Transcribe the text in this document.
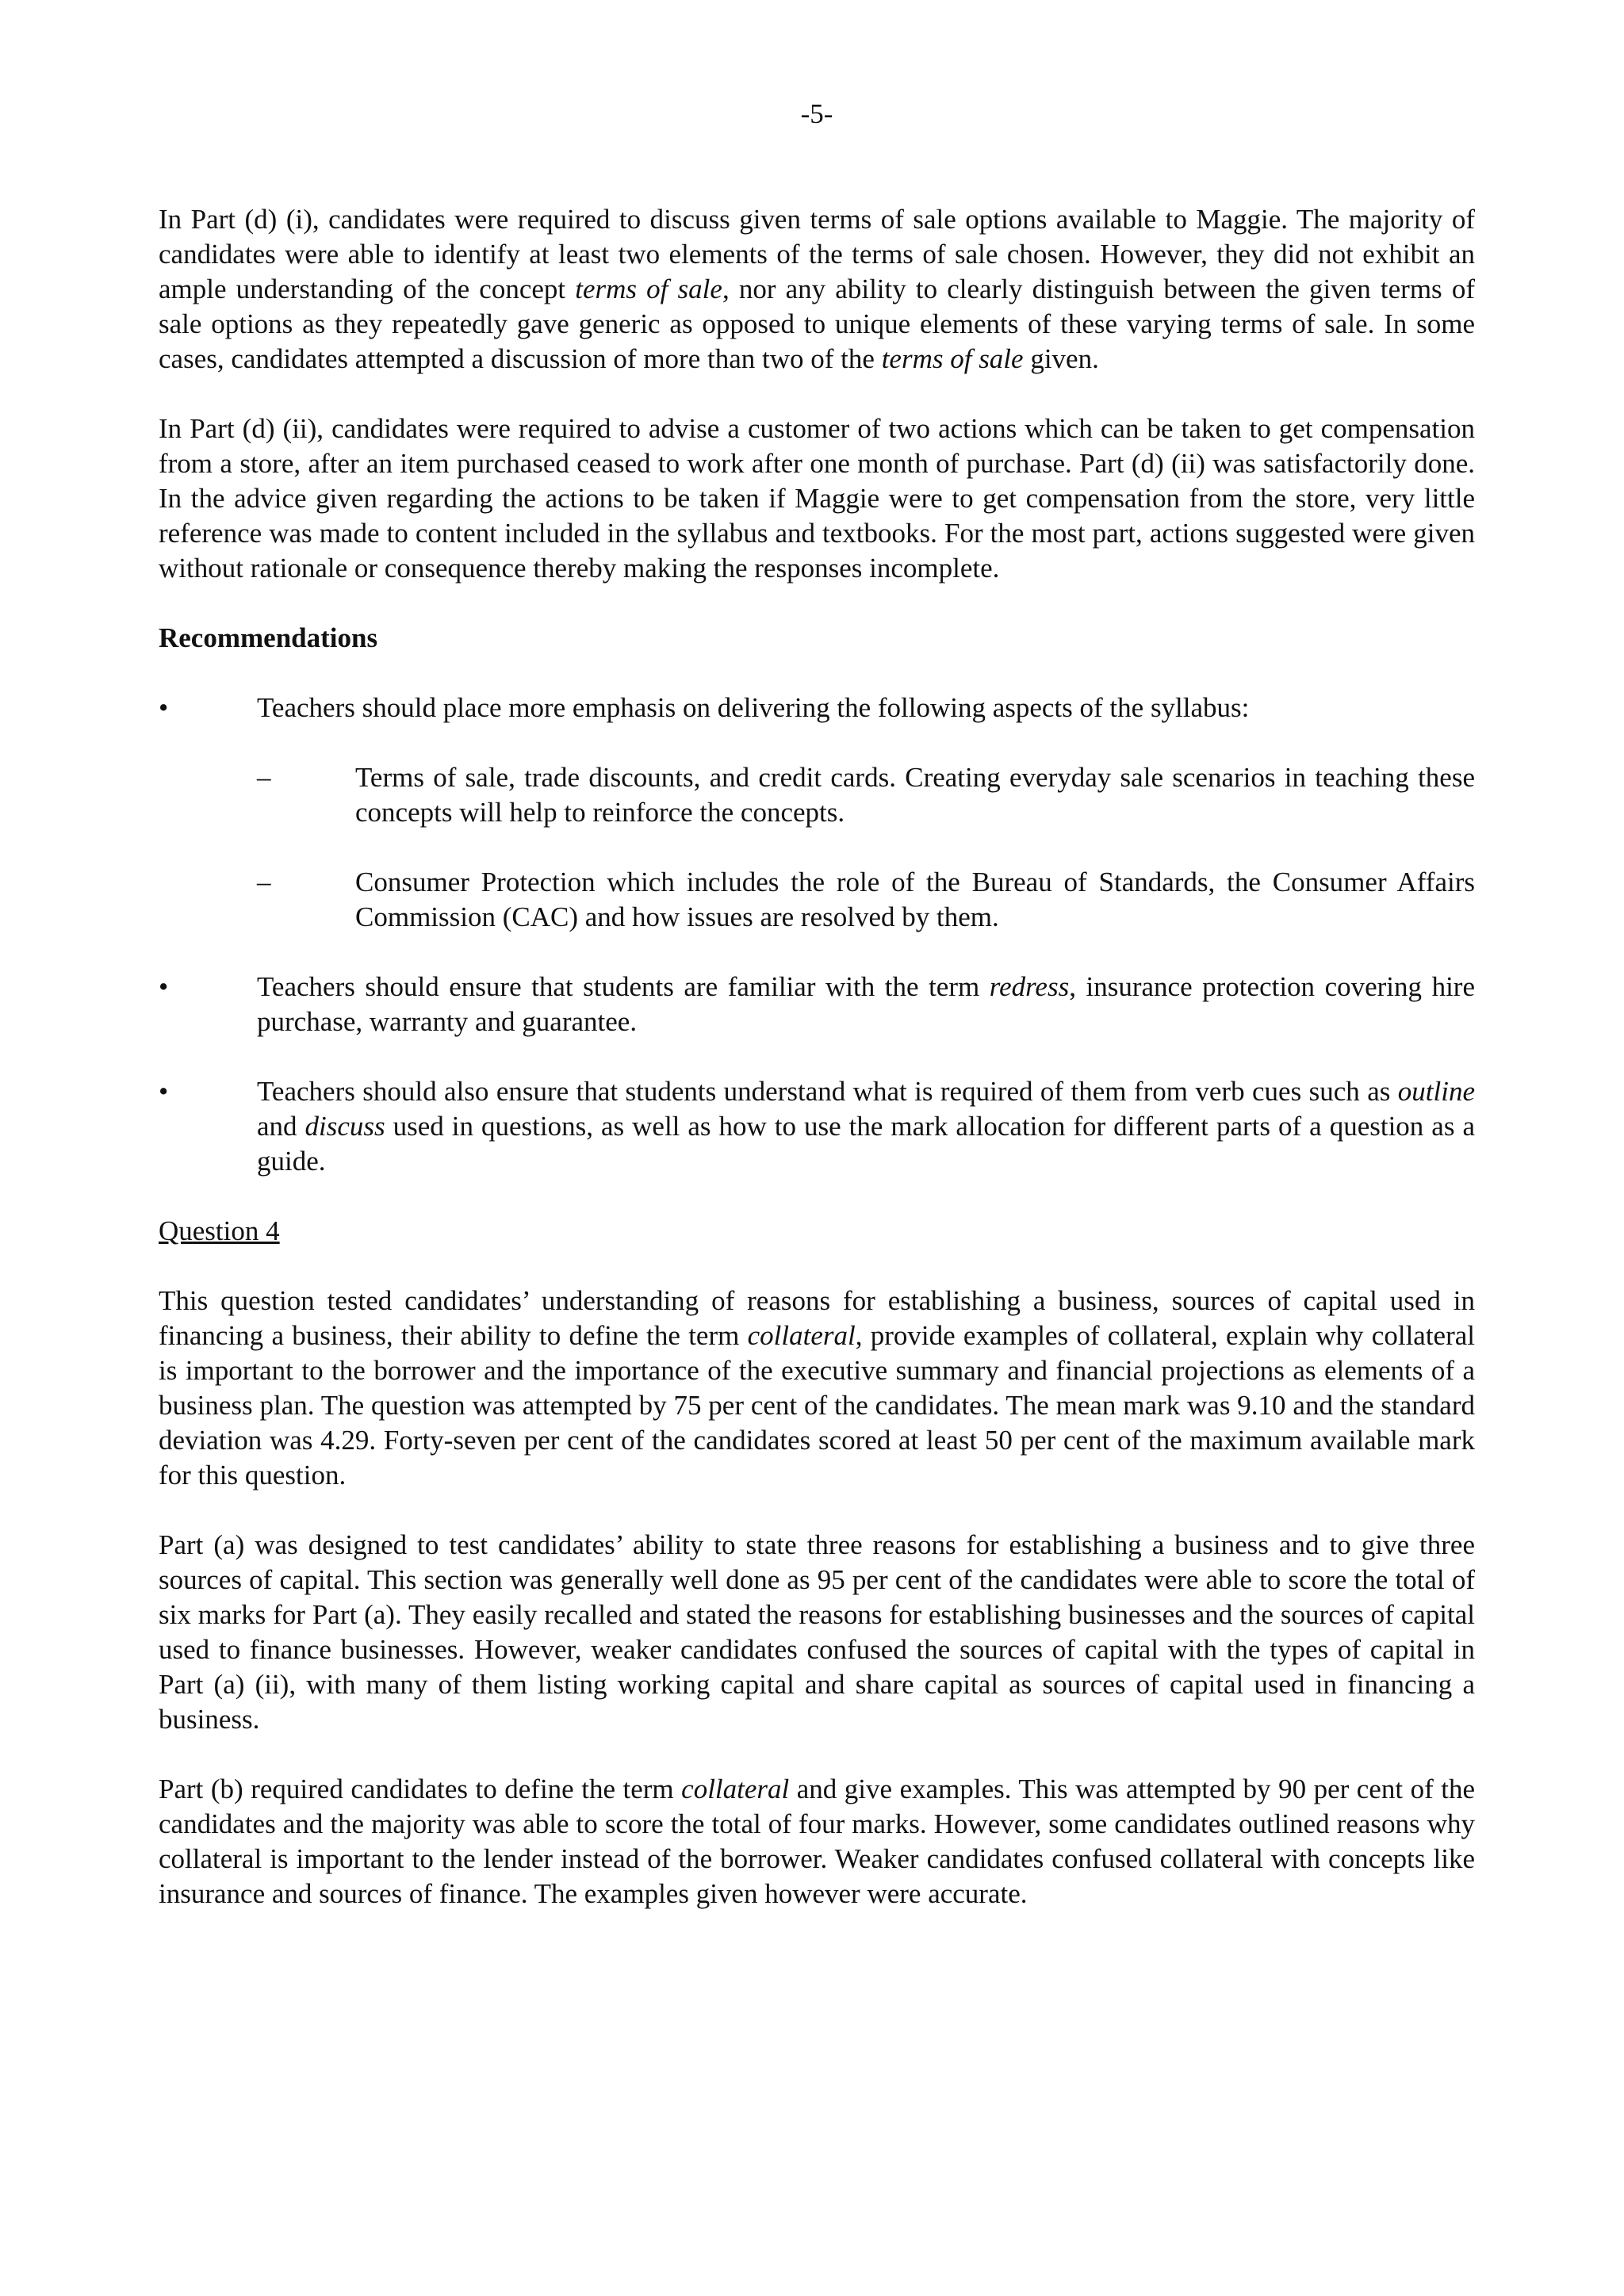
-5-

In Part (d) (i), candidates were required to discuss given terms of sale options available to Maggie. The majority of candidates were able to identify at least two elements of the terms of sale chosen. However, they did not exhibit an ample understanding of the concept terms of sale, nor any ability to clearly distinguish between the given terms of sale options as they repeatedly gave generic as opposed to unique elements of these varying terms of sale. In some cases, candidates attempted a discussion of more than two of the terms of sale given.

In Part (d) (ii), candidates were required to advise a customer of two actions which can be taken to get compensation from a store, after an item purchased ceased to work after one month of purchase. Part (d) (ii) was satisfactorily done. In the advice given regarding the actions to be taken if Maggie were to get compensation from the store, very little reference was made to content included in the syllabus and textbooks. For the most part, actions suggested were given without rationale or consequence thereby making the responses incomplete.

Recommendations

•	Teachers should place more emphasis on delivering the following aspects of the syllabus:

–	Terms of sale, trade discounts, and credit cards. Creating everyday sale scenarios in teaching these concepts will help to reinforce the concepts.

–	Consumer Protection which includes the role of the Bureau of Standards, the Consumer Affairs Commission (CAC) and how issues are resolved by them.

•	Teachers should ensure that students are familiar with the term redress, insurance protection covering hire purchase, warranty and guarantee.

•	Teachers should also ensure that students understand what is required of them from verb cues such as outline and discuss used in questions, as well as how to use the mark allocation for different parts of a question as a guide.

Question 4

This question tested candidates’ understanding of reasons for establishing a business, sources of capital used in financing a business, their ability to define the term collateral, provide examples of collateral, explain why collateral is important to the borrower and the importance of the executive summary and financial projections as elements of a business plan. The question was attempted by 75 per cent of the candidates. The mean mark was 9.10 and the standard deviation was 4.29. Forty-seven per cent of the candidates scored at least 50 per cent of the maximum available mark for this question.

Part (a) was designed to test candidates’ ability to state three reasons for establishing a business and to give three sources of capital. This section was generally well done as 95 per cent of the candidates were able to score the total of six marks for Part (a). They easily recalled and stated the reasons for establishing businesses and the sources of capital used to finance businesses. However, weaker candidates confused the sources of capital with the types of capital in Part (a) (ii), with many of them listing working capital and share capital as sources of capital used in financing a business.

Part (b) required candidates to define the term collateral and give examples. This was attempted by 90 per cent of the candidates and the majority was able to score the total of four marks. However, some candidates outlined reasons why collateral is important to the lender instead of the borrower. Weaker candidates confused collateral with concepts like insurance and sources of finance. The examples given however were accurate.
